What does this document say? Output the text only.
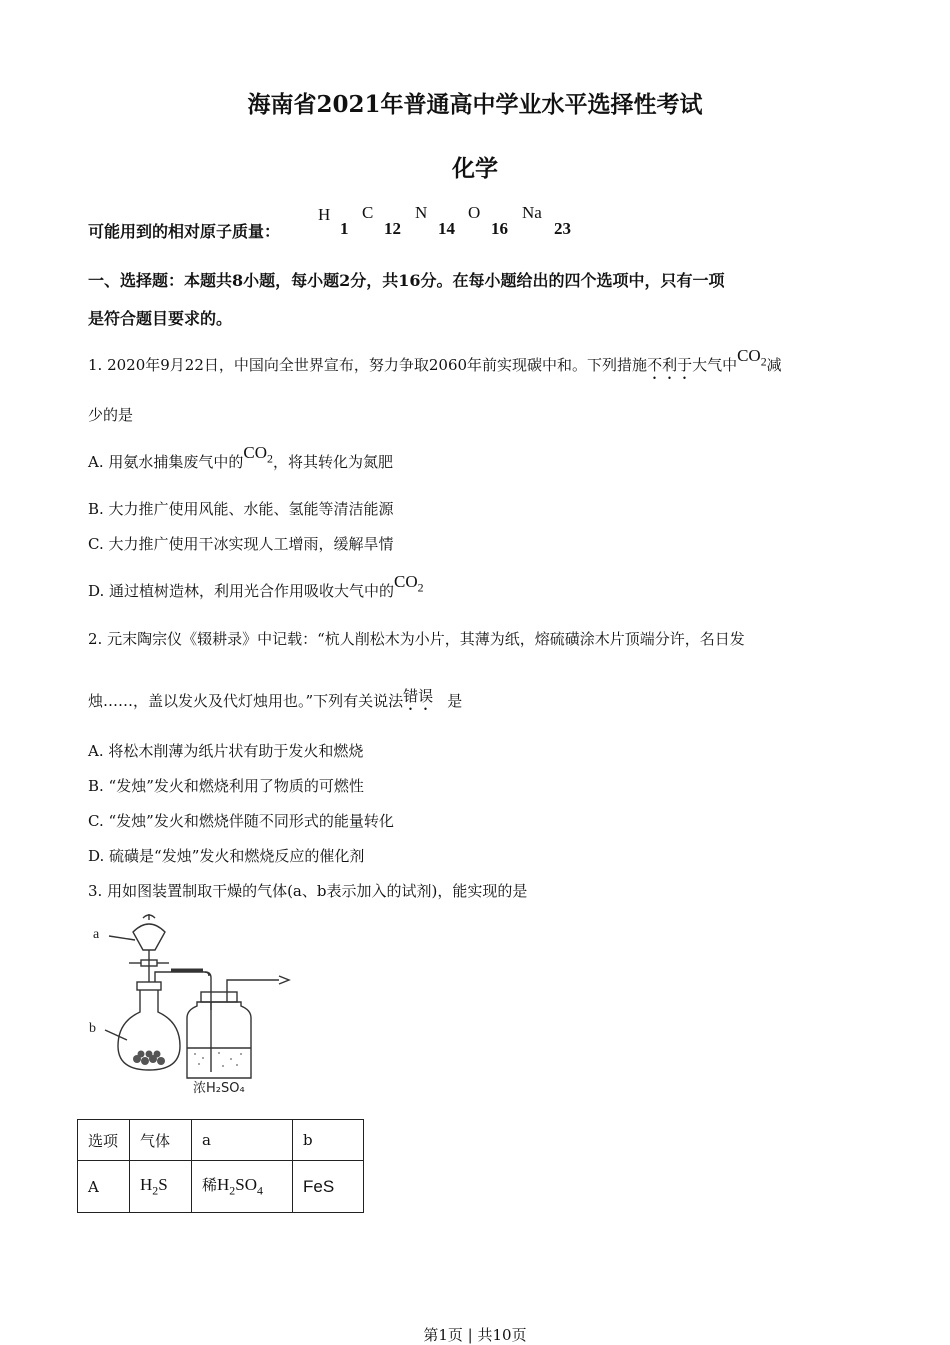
海南省2021年普通高中学业水平选择性考试
化学
可能用到的相对原子质量：
H
1
C
12
N
14
O
16
Na
23
一、选择题：本题共8小题，每小题2分，共16分。在每小题给出的四个选项中，只有一项
是符合题目要求的。
1. 2020年9月22日，中国向全世界宣布，努力争取2060年前实现碳中和。下列措施不利于大气中$CO_2$减
少的是
A. 用氨水捕集废气中的$CO_2$，将其转化为氮肥
B. 大力推广使用风能、水能、氢能等清洁能源
C. 大力推广使用干冰实现人工增雨，缓解旱情
D. 通过植树造林，利用光合作用吸收大气中的$CO_2$
2. 元末陶宗仪《辍耕录》中记载：“杭人削松木为小片，其薄为纸，熔硫磺涂木片顶端分许，名日发
烛……，盖以发火及代灯烛用也。”下列有关说法错误 是
A. 将松木削薄为纸片状有助于发火和燃烧
B. “发烛”发火和燃烧利用了物质的可燃性
C. “发烛”发火和燃烧伴随不同形式的能量转化
D. 硫磺是“发烛”发火和燃烧反应的催化剂
3. 用如图装置制取干燥的气体(a、b表示加入的试剂)，能实现的是
a
b
浓H₂SO₄
选项	气体	a	b
A	$H_2S$	稀$H_2SO_4$	FeS
第1页 | 共10页
